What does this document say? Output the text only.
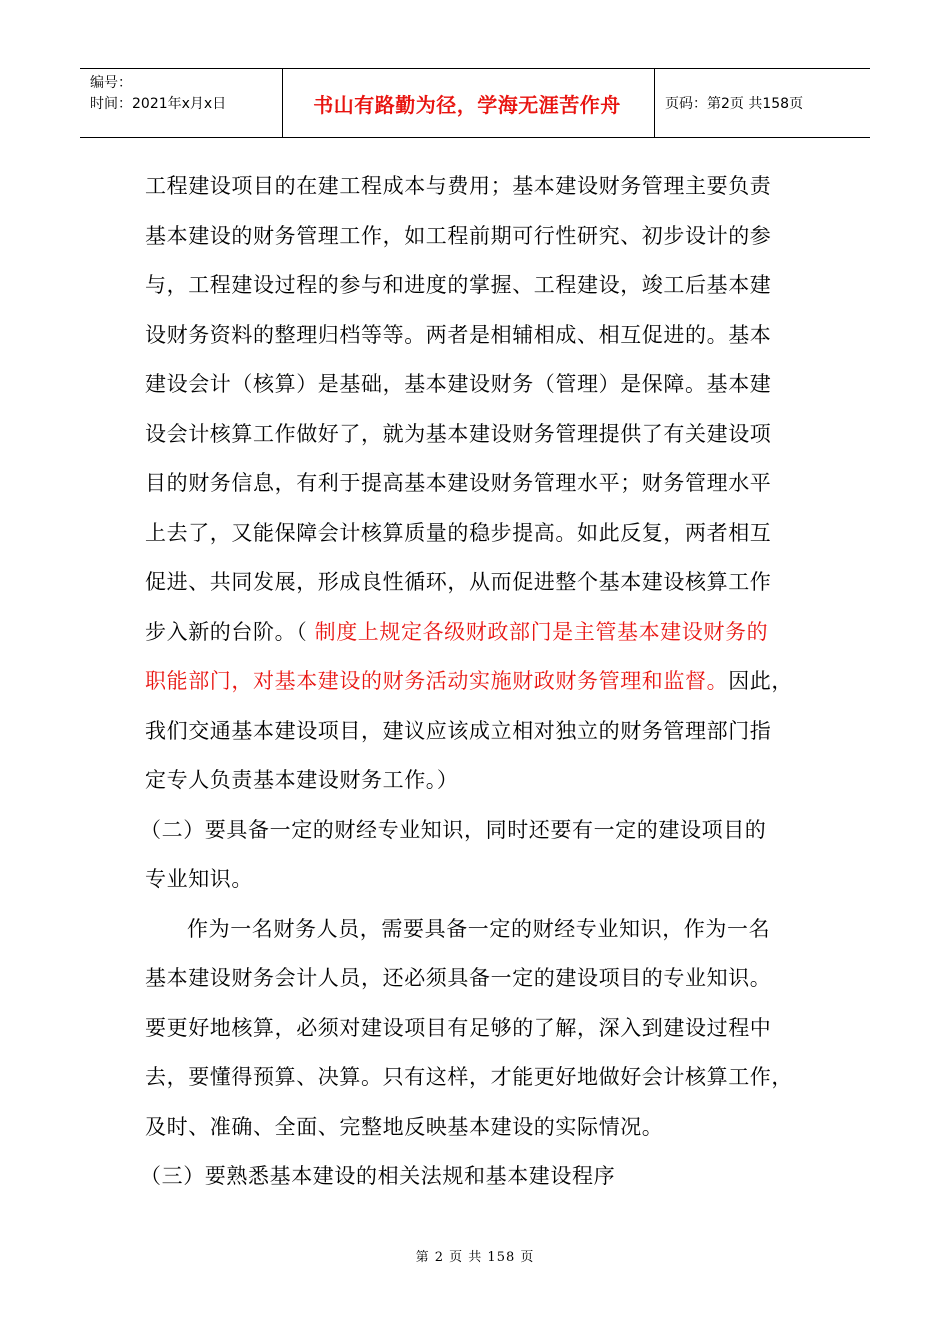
编号：
时间：2021年x月x日	书山有路勤为径，学海无涯苦作舟	页码：第2页 共158页
工程建设项目的在建工程成本与费用；基本建设财务管理主要负责
基本建设的财务管理工作，如工程前期可行性研究、初步设计的参
与，工程建设过程的参与和进度的掌握、工程建设，竣工后基本建
设财务资料的整理归档等等。两者是相辅相成、相互促进的。基本
建设会计（核算）是基础，基本建设财务（管理）是保障。基本建
设会计核算工作做好了，就为基本建设财务管理提供了有关建设项
目的财务信息，有利于提高基本建设财务管理水平；财务管理水平
上去了，又能保障会计核算质量的稳步提高。如此反复，两者相互
促进、共同发展，形成良性循环，从而促进整个基本建设核算工作
步入新的台阶。（ 制度上规定各级财政部门是主管基本建设财务的
职能部门，对基本建设的财务活动实施财政财务管理和监督。因此，
我们交通基本建设项目，建议应该成立相对独立的财务管理部门指
定专人负责基本建设财务工作。）
（二）要具备一定的财经专业知识，同时还要有一定的建设项目的
专业知识。
作为一名财务人员，需要具备一定的财经专业知识，作为一名
基本建设财务会计人员，还必须具备一定的建设项目的专业知识。
要更好地核算，必须对建设项目有足够的了解，深入到建设过程中
去，要懂得预算、决算。只有这样，才能更好地做好会计核算工作，
及时、准确、全面、完整地反映基本建设的实际情况。
（三）要熟悉基本建设的相关法规和基本建设程序
第 2 页 共 158 页
